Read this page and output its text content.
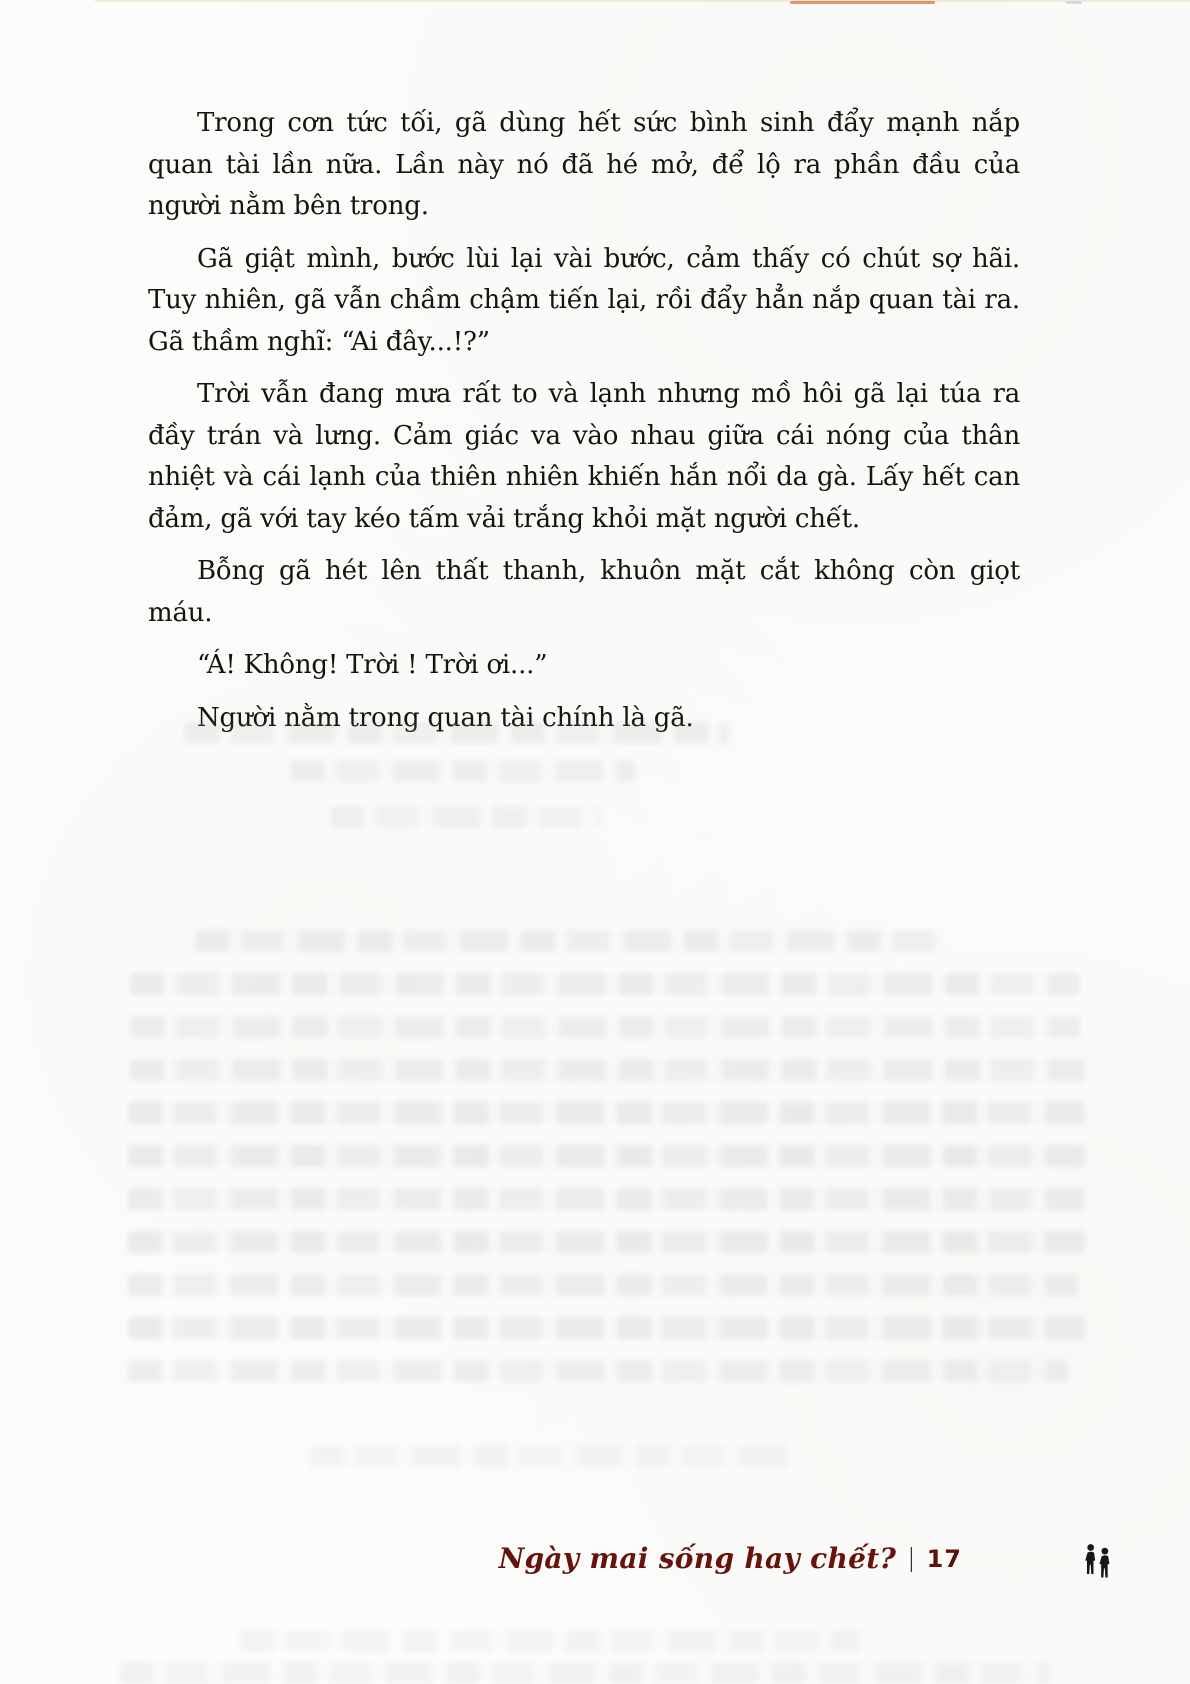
Trong cơn tức tối, gã dùng hết sức bình sinh đẩy mạnh nắp
quan tài lần nữa. Lần này nó đã hé mở, để lộ ra phần đầu của
người nằm bên trong.
Gã giật mình, bước lùi lại vài bước, cảm thấy có chút sợ hãi.
Tuy nhiên, gã vẫn chầm chậm tiến lại, rồi đẩy hẳn nắp quan tài ra.
Gã thầm nghĩ: “Ai đây...!?”
Trời vẫn đang mưa rất to và lạnh nhưng mồ hôi gã lại túa ra
đầy trán và lưng. Cảm giác va vào nhau giữa cái nóng của thân
nhiệt và cái lạnh của thiên nhiên khiến hắn nổi da gà. Lấy hết can
đảm, gã với tay kéo tấm vải trắng khỏi mặt người chết.
Bỗng gã hét lên thất thanh, khuôn mặt cắt không còn giọt máu.
“Á! Không! Trời ! Trời ơi...”
Người nằm trong quan tài chính là gã.
Ngày mai sống hay chết? | 17
